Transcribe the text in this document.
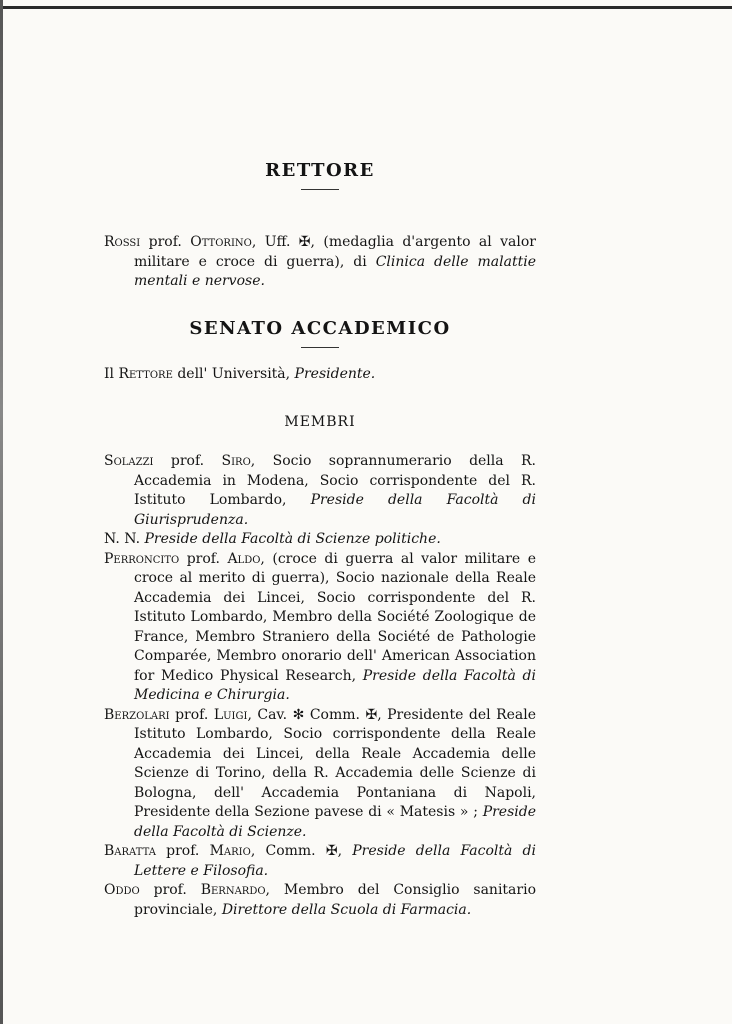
RETTORE

Rossi prof. Ottorino, Uff. ✠, (medaglia d'argento al valor militare e croce di guerra), di Clinica delle malattie mentali e nervose.

SENATO ACCADEMICO

Il Rettore dell' Università, Presidente.

MEMBRI

Solazzi prof. Siro, Socio soprannumerario della R. Accademia in Modena, Socio corrispondente del R. Istituto Lombardo, Preside della Facoltà di Giurisprudenza.

N. N. Preside della Facoltà di Scienze politiche.

Perroncito prof. Aldo, (croce di guerra al valor militare e croce al merito di guerra), Socio nazionale della Reale Accademia dei Lincei, Socio corrispondente del R. Istituto Lombardo, Membro della Société Zoologique de France, Membro Straniero della Société de Pathologie Comparée, Membro onorario dell' American Association for Medico Physical Research, Preside della Facoltà di Medicina e Chirurgia.

Berzolari prof. Luigi, Cav. ✻ Comm. ✠, Presidente del Reale Istituto Lombardo, Socio corrispondente della Reale Accademia dei Lincei, della Reale Accademia delle Scienze di Torino, della R. Accademia delle Scienze di Bologna, dell' Accademia Pontaniana di Napoli, Presidente della Sezione pavese di « Matesis » ; Preside della Facoltà di Scienze.

Baratta prof. Mario, Comm. ✠, Preside della Facoltà di Lettere e Filosofia.

Oddo prof. Bernardo, Membro del Consiglio sanitario provinciale, Direttore della Scuola di Farmacia.
